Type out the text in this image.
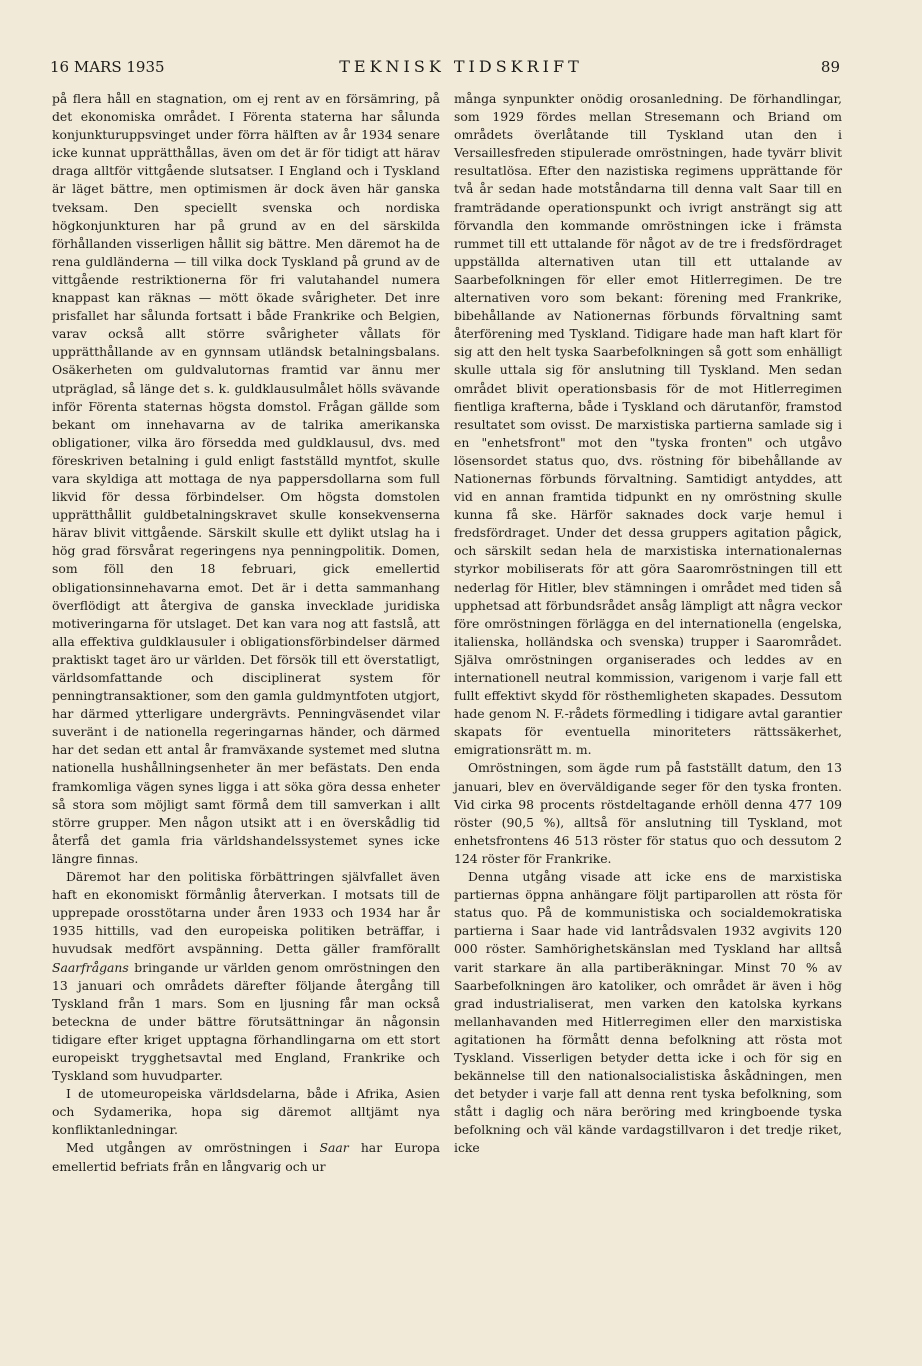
16 MARS 1935	TEKNISK TIDSKRIFT	89

på flera håll en stagnation, om ej rent av en försämring, på det ekonomiska området. I Förenta staterna har sålunda konjunkturuppsvinget under förra hälften av år 1934 senare icke kunnat upprätthållas, även om det är för tidigt att härav draga alltför vittgående slutsatser. I England och i Tyskland är läget bättre, men optimismen är dock även här ganska tveksam. Den speciellt svenska och nordiska högkonjunkturen har på grund av en del särskilda förhållanden visserligen hållit sig bättre. Men däremot ha de rena guldländerna — till vilka dock Tyskland på grund av de vittgående restriktionerna för fri valutahandel numera knappast kan räknas — mött ökade svårigheter. Det inre prisfallet har sålunda fortsatt i både Frankrike och Belgien, varav också allt större svårigheter vållats för upprätthållande av en gynnsam utländsk betalningsbalans. Osäkerheten om guldvalutornas framtid var ännu mer utpräglad, så länge det s. k. guldklausulmålet hölls svävande inför Förenta staternas högsta domstol. Frågan gällde som bekant om innehavarna av de talrika amerikanska obligationer, vilka äro försedda med guldklausul, dvs. med föreskriven betalning i guld enligt fastställd myntfot, skulle vara skyldiga att mottaga de nya pappersdollarna som full likvid för dessa förbindelser. Om högsta domstolen upprätthållit guldbetalningskravet skulle konsekvenserna härav blivit vittgående. Särskilt skulle ett dylikt utslag ha i hög grad försvårat regeringens nya penningpolitik. Domen, som föll den 18 februari, gick emellertid obligationsinnehavarna emot. Det är i detta sammanhang överflödigt att återgiva de ganska invecklade juridiska motiveringarna för utslaget. Det kan vara nog att fastslå, att alla effektiva guldklausuler i obligationsförbindelser därmed praktiskt taget äro ur världen. Det försök till ett överstatligt, världsomfattande och disciplinerat system för penningtransaktioner, som den gamla guldmyntfoten utgjort, har därmed ytterligare undergrävts. Penningväsendet vilar suveränt i de nationella regeringarnas händer, och därmed har det sedan ett antal år framväxande systemet med slutna nationella hushållningsenheter än mer befästats. Den enda framkomliga vägen synes ligga i att söka göra dessa enheter så stora som möjligt samt förmå dem till samverkan i allt större grupper. Men någon utsikt att i en överskådlig tid återfå det gamla fria världshandelssystemet synes icke längre finnas.

Däremot har den politiska förbättringen självfallet även haft en ekonomiskt förmånlig återverkan. I motsats till de upprepade orosstötarna under åren 1933 och 1934 har år 1935 hittills, vad den europeiska politiken beträffar, i huvudsak medfört avspänning. Detta gäller framförallt Saarfrågans bringande ur världen genom omröstningen den 13 januari och områdets därefter följande återgång till Tyskland från 1 mars. Som en ljusning får man också beteckna de under bättre förutsättningar än någonsin tidigare efter kriget upptagna förhandlingarna om ett stort europeiskt trygghetsavtal med England, Frankrike och Tyskland som huvudparter.

I de utomeuropeiska världsdelarna, både i Afrika, Asien och Sydamerika, hopa sig däremot alltjämt nya konfliktanledningar.

Med utgången av omröstningen i Saar har Europa emellertid befriats från en långvarig och ur

många synpunkter onödig orosanledning. De förhandlingar, som 1929 fördes mellan Stresemann och Briand om områdets överlåtande till Tyskland utan den i Versaillesfreden stipulerade omröstningen, hade tyvärr blivit resultatlösa. Efter den nazistiska regimens upprättande för två år sedan hade motståndarna till denna valt Saar till en framträdande operationspunkt och ivrigt ansträngt sig att förvandla den kommande omröstningen icke i främsta rummet till ett uttalande för något av de tre i fredsfördraget uppställda alternativen utan till ett uttalande av Saarbefolkningen för eller emot Hitlerregimen. De tre alternativen voro som bekant: förening med Frankrike, bibehållande av Nationernas förbunds förvaltning samt återförening med Tyskland. Tidigare hade man haft klart för sig att den helt tyska Saarbefolkningen så gott som enhälligt skulle uttala sig för anslutning till Tyskland. Men sedan området blivit operationsbasis för de mot Hitlerregimen fientliga krafterna, både i Tyskland och därutanför, framstod resultatet som ovisst. De marxistiska partierna samlade sig i en "enhetsfront" mot den "tyska fronten" och utgåvo lösensordet status quo, dvs. röstning för bibehållande av Nationernas förbunds förvaltning. Samtidigt antyddes, att vid en annan framtida tidpunkt en ny omröstning skulle kunna få ske. Härför saknades dock varje hemul i fredsfördraget. Under det dessa gruppers agitation pågick, och särskilt sedan hela de marxistiska internationalernas styrkor mobiliserats för att göra Saaromröstningen till ett nederlag för Hitler, blev stämningen i området med tiden så upphetsad att förbundsrådet ansåg lämpligt att några veckor före omröstningen förlägga en del internationella (engelska, italienska, holländska och svenska) trupper i Saarområdet. Själva omröstningen organiserades och leddes av en internationell neutral kommission, varigenom i varje fall ett fullt effektivt skydd för rösthemligheten skapades. Dessutom hade genom N. F.-rådets förmedling i tidigare avtal garantier skapats för eventuella minoriteters rättssäkerhet, emigrationsrätt m. m.

Omröstningen, som ägde rum på fastställt datum, den 13 januari, blev en överväldigande seger för den tyska fronten. Vid cirka 98 procents röstdeltagande erhöll denna 477 109 röster (90,5 %), alltså för anslutning till Tyskland, mot enhetsfrontens 46 513 röster för status quo och dessutom 2 124 röster för Frankrike.

Denna utgång visade att icke ens de marxistiska partiernas öppna anhängare följt partiparollen att rösta för status quo. På de kommunistiska och socialdemokratiska partierna i Saar hade vid lantrådsvalen 1932 avgivits 120 000 röster. Samhörighetskänslan med Tyskland har alltså varit starkare än alla partiberäkningar. Minst 70 % av Saarbefolkningen äro katoliker, och området är även i hög grad industrialiserat, men varken den katolska kyrkans mellanhavanden med Hitlerregimen eller den marxistiska agitationen ha förmått denna befolkning att rösta mot Tyskland. Visserligen betyder detta icke i och för sig en bekännelse till den nationalsocialistiska åskådningen, men det betyder i varje fall att denna rent tyska befolkning, som stått i daglig och nära beröring med kringboende tyska befolkning och väl kände vardagstillvaron i det tredje riket, icke
